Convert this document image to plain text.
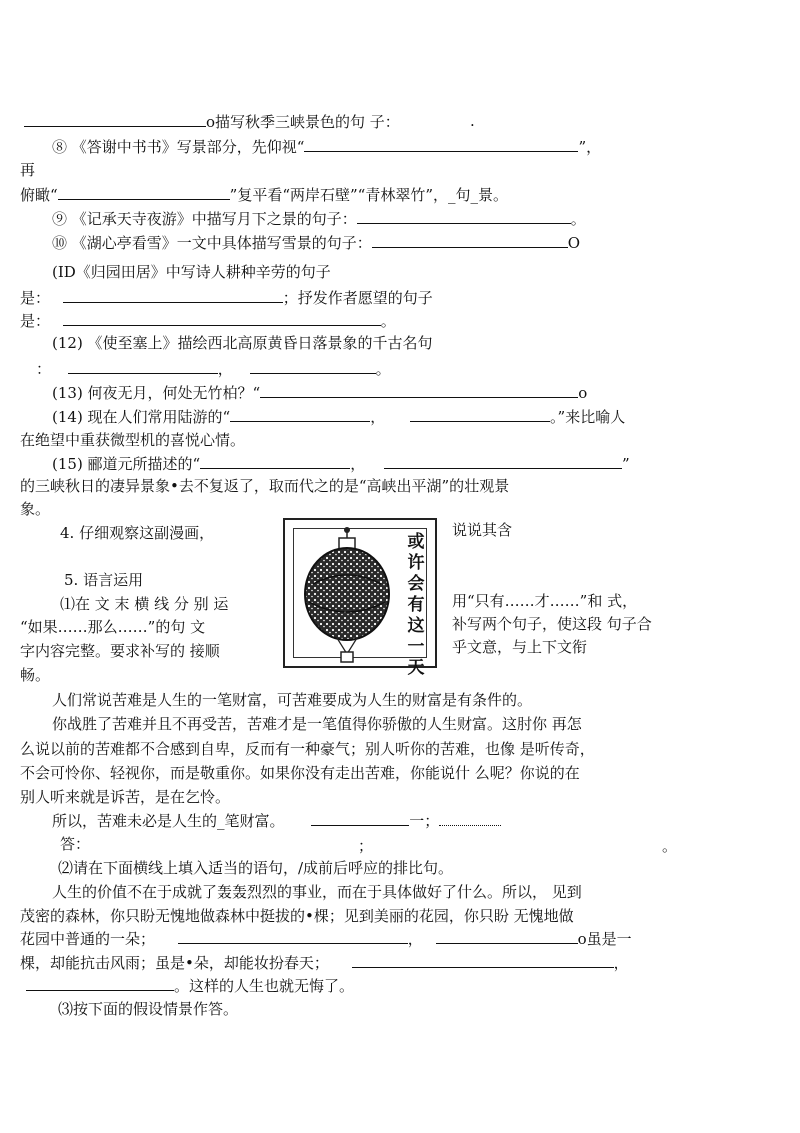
o描写秋季三峡景色的句 子：	.
⑧ 《答谢中书书》写景部分，先仰视“	”，
再
俯瞰“	”复平看“两岸石壁”“青林翠竹”，_句_景。
⑨ 《记承天寺夜游》中描写月下之景的句子：	。
⑩ 《湖心亭看雪》一文中具体描写雪景的句子：	O
(ID《归园田居》中写诗人耕种辛劳的句子
是：	；抒发作者愿望的句子
是：	。
(12) 《使至塞上》描绘西北高原黄昏日落景象的千古名句
：	，	。
(13) 何夜无月，何处无竹柏？“	o
(14) 现在人们常用陆游的“	，	。”来比喻人
在绝望中重获微型机的喜悦心情。
(15) 郦道元所描述的“	，	”
的三峡秋日的凄异景象•去不复返了，取而代之的是“高峡出平湖”的壮观景
象。
4. 仔细观察这副漫画，	说说其含
或许会有这一天
5. 语言运用
⑴在 文 末 横 线 分 别 运	用“只有……才……”和 式，
“如果……那么……”的句 文	补写两个句子，使这段 句子合
字内容完整。要求补写的 接顺	乎文意，与上下文衔
畅。
人们常说苦难是人生的一笔财富，可苦难要成为人生的财富是有条件的。
你战胜了苦难并且不再受苦，苦难才是一笔值得你骄傲的人生财富。这肘你 再怎
么说以前的苦难都不合感到自卑，反而有一种豪气；别人听你的苦难，也像 是听传奇，
不会可怜你、轻视你，而是敬重你。如果你没有走出苦难，你能说什 么呢？你说的在
别人听来就是诉苦，是在乞怜。
所以，苦难未必是人生的_笔财富。	一；
答：	；	。
⑵请在下面横线上填入适当的语句，/成前后呼应的排比句。
人生的价值不在于成就了轰轰烈烈的事业，而在于具体做好了什么。所以， 见到
茂密的森林，你只盼无愧地做森林中挺拔的•棵；见到美丽的花园，你只盼 无愧地做
花园中普通的一朵；	，	o虽是一
棵，却能抗击风雨；虽是•朵，却能妆扮春天；	，
。这样的人生也就无悔了。
⑶按下面的假设情景作答。
